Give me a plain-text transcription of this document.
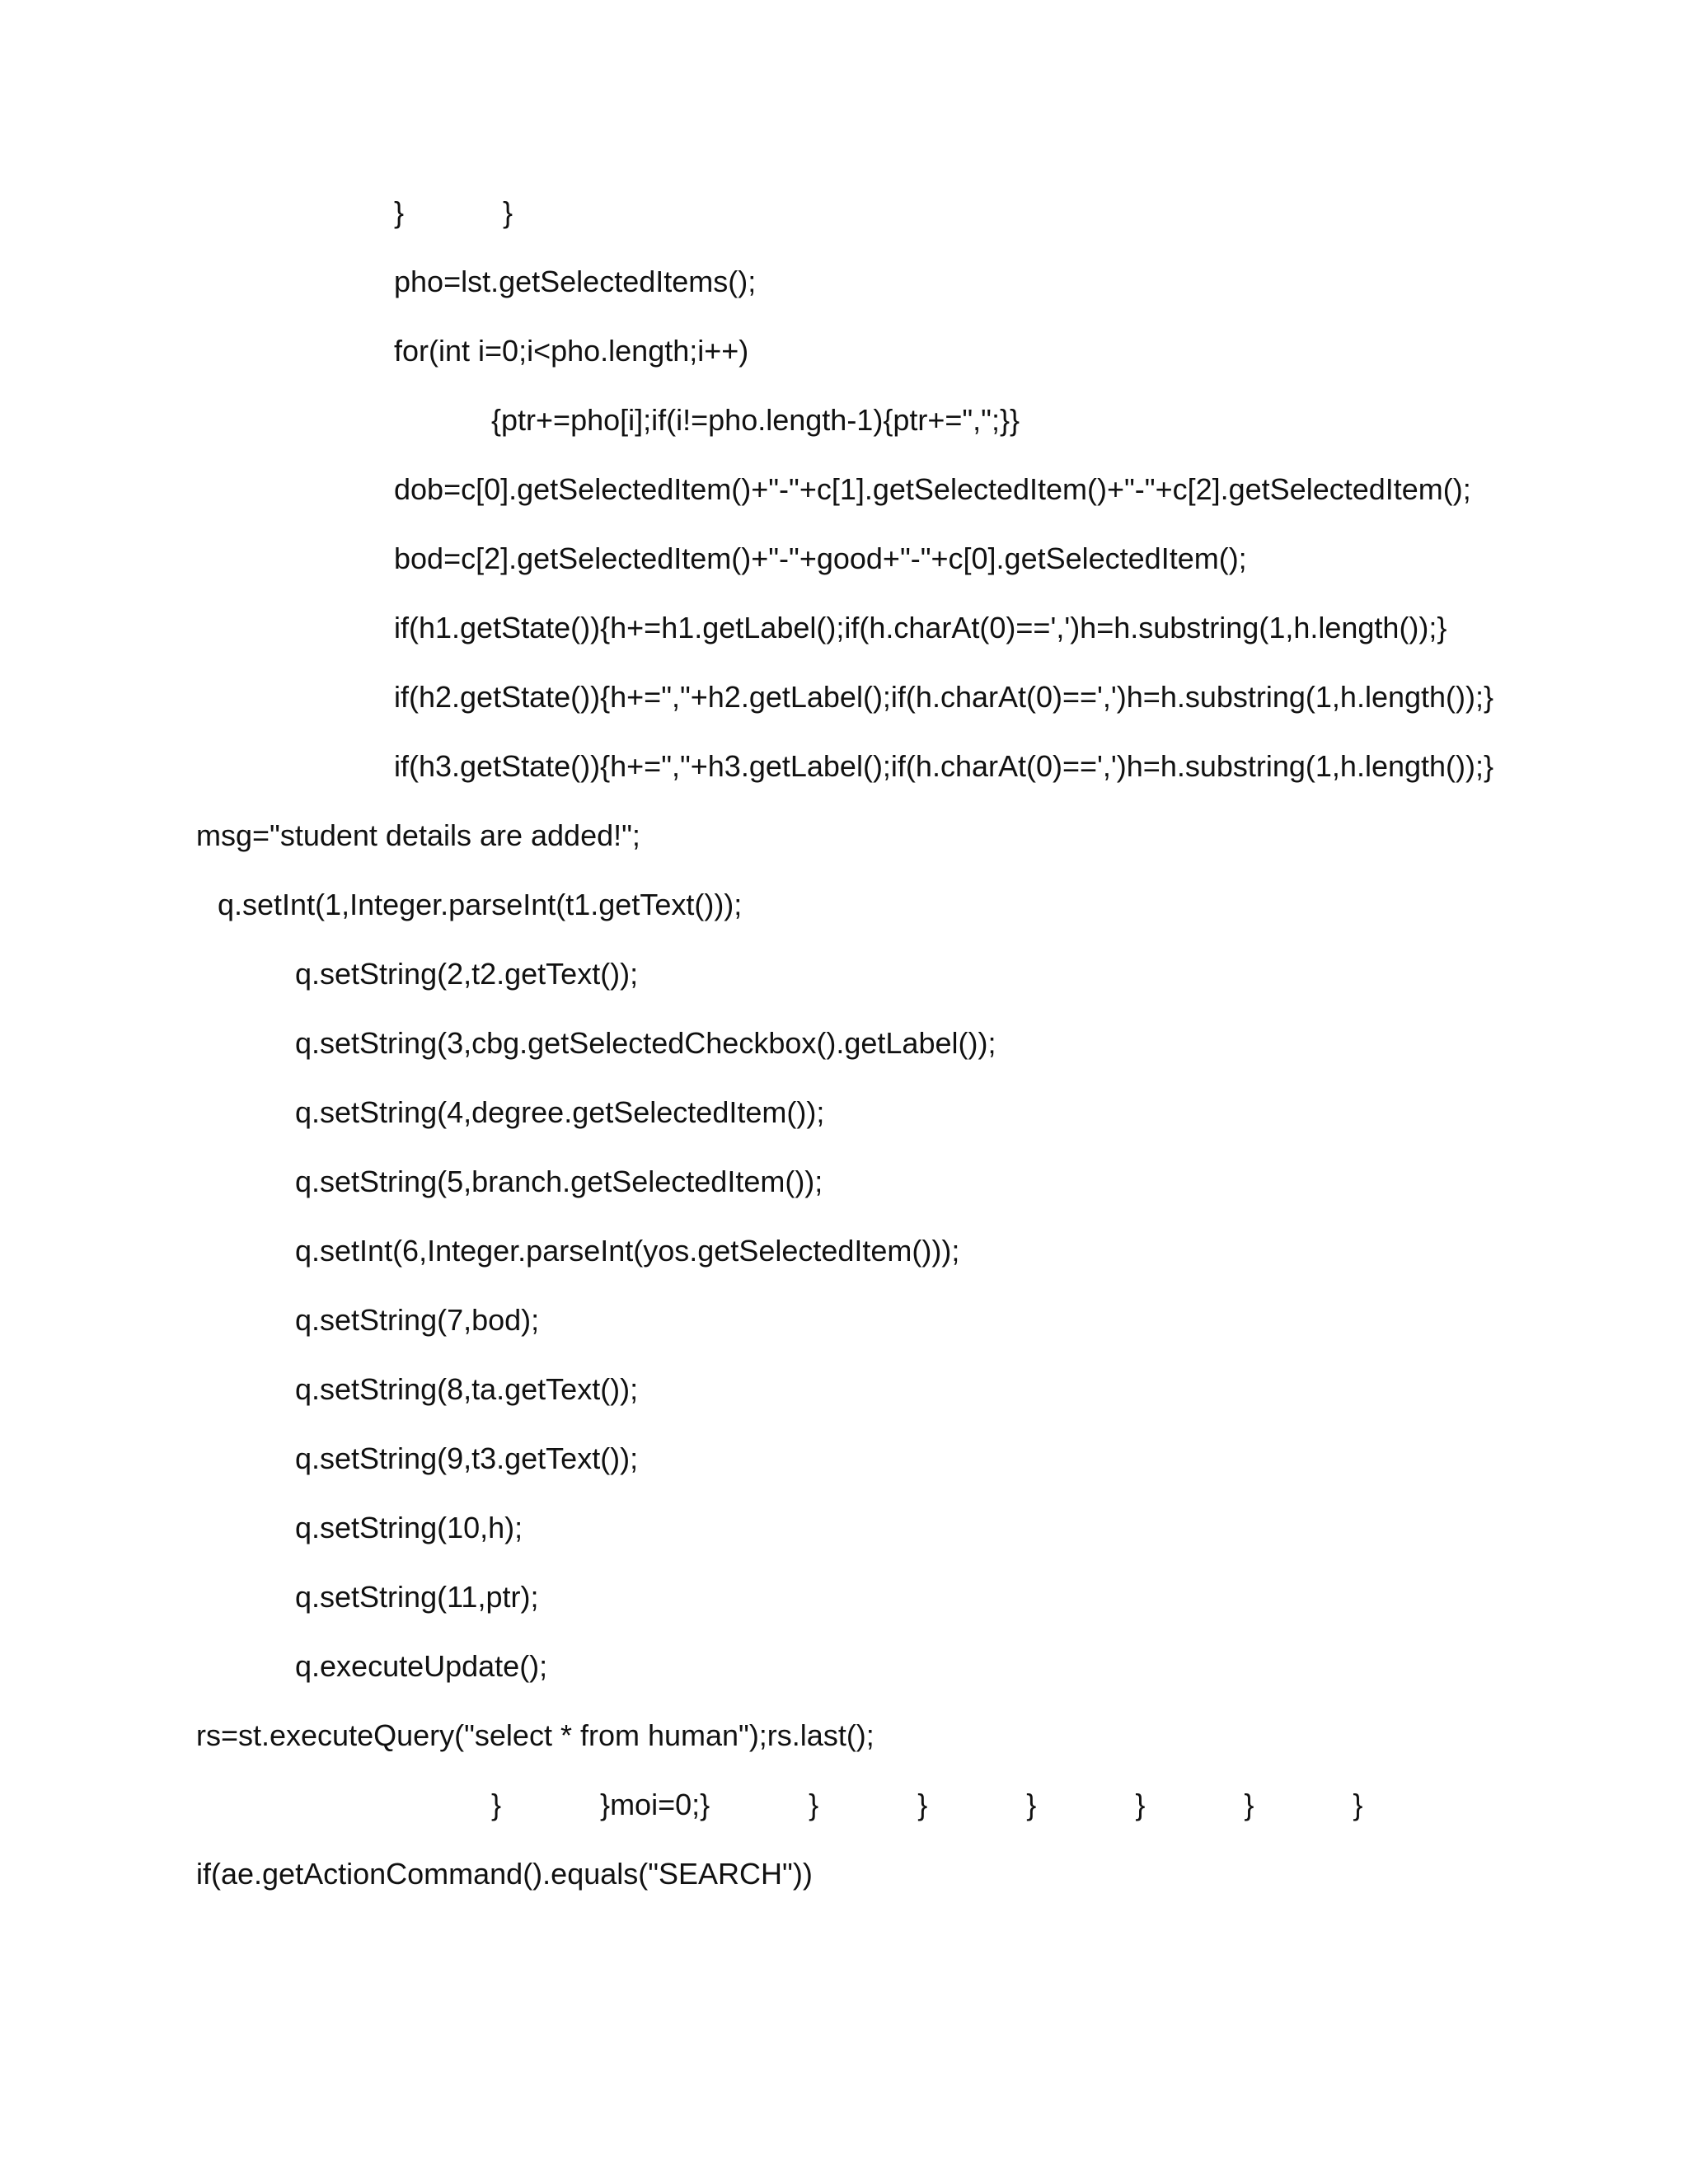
}            }

pho=lst.getSelectedItems();

for(int i=0;i<pho.length;i++)

{ptr+=pho[i];if(i!=pho.length-1){ptr+=",";}}

dob=c[0].getSelectedItem()+"-"+c[1].getSelectedItem()+"-"+c[2].getSelectedItem();

bod=c[2].getSelectedItem()+"-"+good+"-"+c[0].getSelectedItem();

if(h1.getState()){h+=h1.getLabel();if(h.charAt(0)==',')h=h.substring(1,h.length());}

if(h2.getState()){h+=","+h2.getLabel();if(h.charAt(0)==',')h=h.substring(1,h.length());}

if(h3.getState()){h+=","+h3.getLabel();if(h.charAt(0)==',')h=h.substring(1,h.length());}

msg="student details are added!";

q.setInt(1,Integer.parseInt(t1.getText()));

q.setString(2,t2.getText());

q.setString(3,cbg.getSelectedCheckbox().getLabel());

q.setString(4,degree.getSelectedItem());

q.setString(5,branch.getSelectedItem());

q.setInt(6,Integer.parseInt(yos.getSelectedItem()));

q.setString(7,bod);

q.setString(8,ta.getText());

q.setString(9,t3.getText());

q.setString(10,h);

q.setString(11,ptr);

q.executeUpdate();

rs=st.executeQuery("select * from human");rs.last();

}            }moi=0;}            }            }            }            }            }            }

if(ae.getActionCommand().equals("SEARCH"))
